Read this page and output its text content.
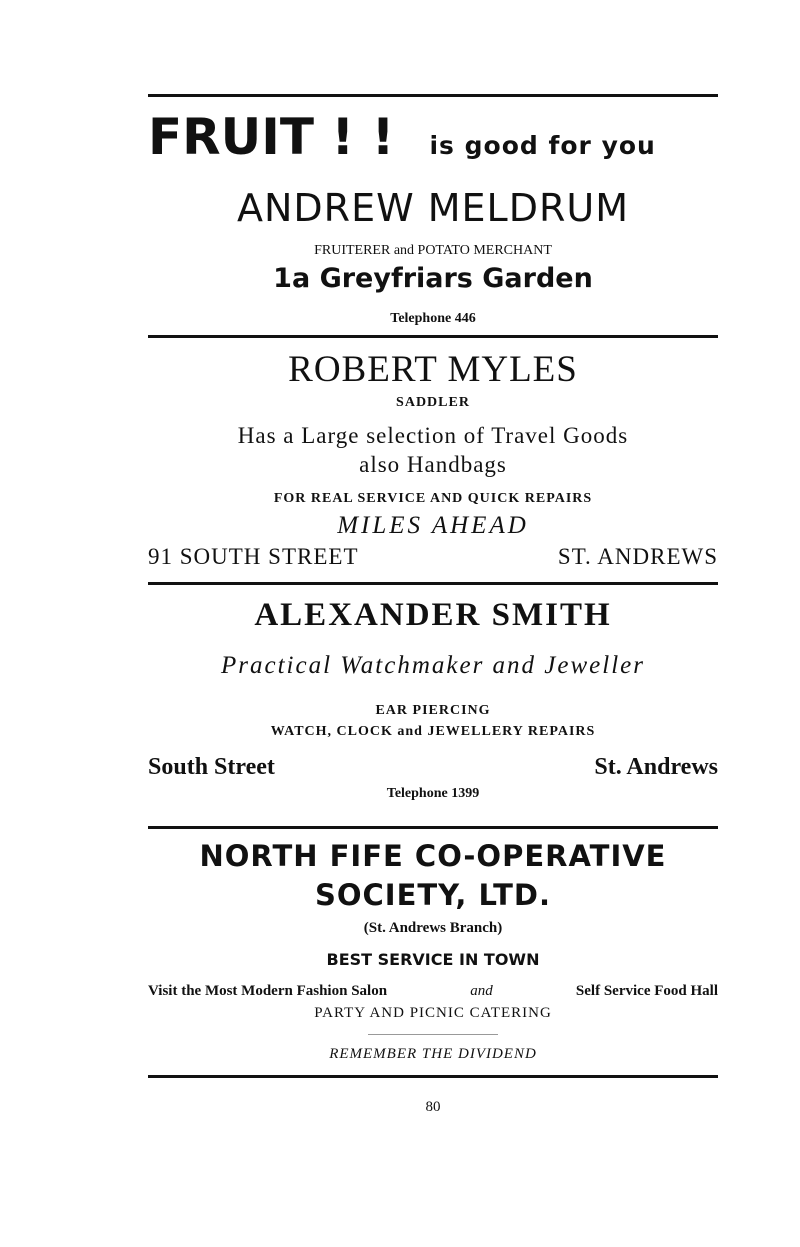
FRUIT ! ! is good for you
ANDREW MELDRUM
FRUITERER and POTATO MERCHANT
1a Greyfriars Garden
Telephone 446
ROBERT MYLES
SADDLER
Has a Large selection of Travel Goods
also Handbags
FOR REAL SERVICE AND QUICK REPAIRS
MILES AHEAD
91 SOUTH STREET	ST. ANDREWS
ALEXANDER SMITH
Practical Watchmaker and Jeweller
EAR PIERCING
WATCH, CLOCK and JEWELLERY REPAIRS
South Street	St. Andrews
Telephone 1399
NORTH FIFE CO-OPERATIVE
SOCIETY, LTD.
(St. Andrews Branch)
BEST SERVICE IN TOWN
Visit the Most Modern Fashion Salon	and	Self Service Food Hall
PARTY AND PICNIC CATERING
REMEMBER THE DIVIDEND
80
